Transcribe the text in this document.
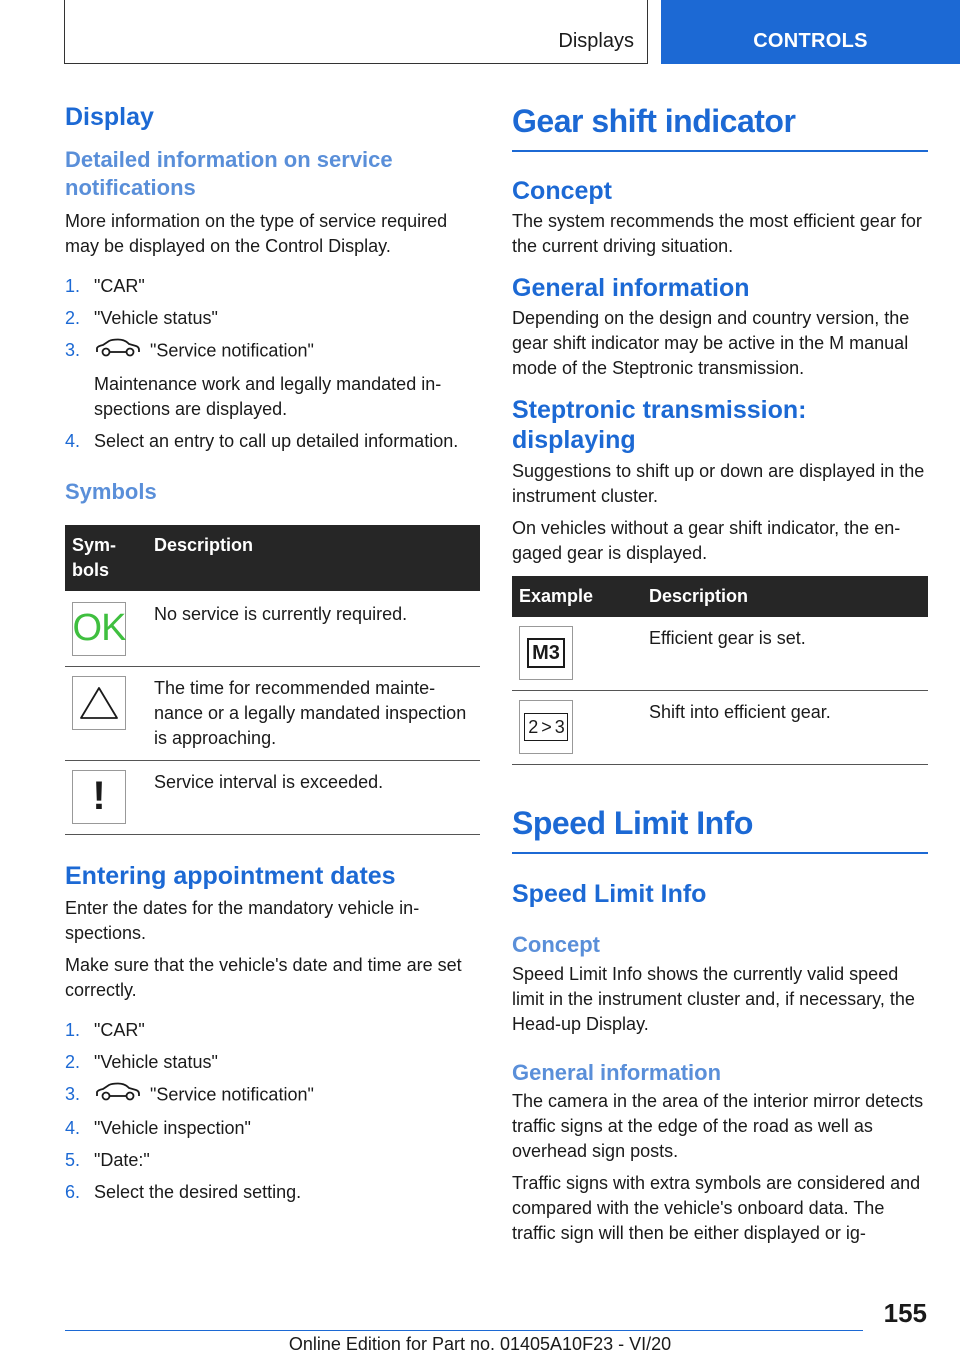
Displays	CONTROLS
Display
Detailed information on service notifications

More information on the type of service required may be displayed on the Control Display.

1. "CAR"
2. "Vehicle status"
3.	"Service notification"
Maintenance work and legally mandated inspections are displayed.
4. Select an entry to call up detailed information.
Symbols
Symbols	Description

OK	No service is currently required.

	The time for recommended maintenance or a legally mandated inspection is approaching.

!	Service interval is exceeded.
Entering appointment dates

Enter the dates for the mandatory vehicle inspections.

Make sure that the vehicle's date and time are set correctly.

1. "CAR"
2. "Vehicle status"
3.	"Service notification"
4. "Vehicle inspection"
5. "Date:"
6. Select the desired setting.
Gear shift indicator
Concept

The system recommends the most efficient gear for the current driving situation.

General information

Depending on the design and country version, the gear shift indicator may be active in the M manual mode of the Steptronic transmission.

Steptronic transmission: displaying

Suggestions to shift up or down are displayed in the instrument cluster.

On vehicles without a gear shift indicator, the engaged gear is displayed.

Example	Description

M3	Efficient gear is set.

2 > 3	Shift into efficient gear.
Speed Limit Info
Speed Limit Info
Concept

Speed Limit Info shows the currently valid speed limit in the instrument cluster and, if necessary, the Head-up Display.

General information

The camera in the area of the interior mirror detects traffic signs at the edge of the road as well as overhead sign posts.

Traffic signs with extra symbols are considered and compared with the vehicle's onboard data. The traffic sign will then be either displayed or ig-

155
Online Edition for Part no. 01405A10F23 - VI/20
